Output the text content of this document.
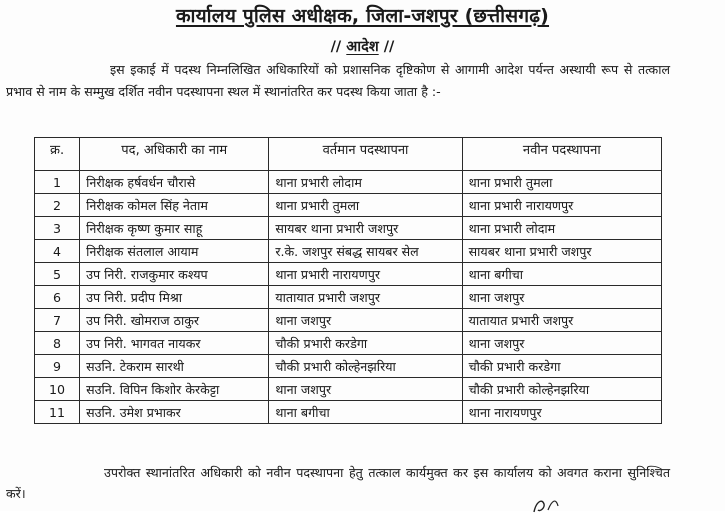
कार्यालय पुलिस अधीक्षक, जिला-जशपुर (छत्तीसगढ़)
// आदेश //
इस इकाई में पदस्थ निम्नलिखित अधिकारियों को प्रशासनिक दृष्टिकोण से आगामी आदेश पर्यन्त अस्थायी रूप से तत्काल प्रभाव से नाम के सम्मुख दर्शित नवीन पदस्थापना स्थल में स्थानांतरित कर पदस्थ किया जाता है :-
क्र.	पद, अधिकारी का नाम	वर्तमान पदस्थापना	नवीन पदस्थापना
1	निरीक्षक हर्षवर्धन चौरासे	थाना प्रभारी लोदाम	थाना प्रभारी तुमला
2	निरीक्षक कोमल सिंह नेताम	थाना प्रभारी तुमला	थाना प्रभारी नारायणपुर
3	निरीक्षक कृष्ण कुमार साहू	सायबर थाना प्रभारी जशपुर	थाना प्रभारी लोदाम
4	निरीक्षक संतलाल आयाम	र.के. जशपुर संबद्ध सायबर सेल	सायबर थाना प्रभारी जशपुर
5	उप निरी. राजकुमार कश्यप	थाना प्रभारी नारायणपुर	थाना बगीचा
6	उप निरी. प्रदीप मिश्रा	यातायात प्रभारी जशपुर	थाना जशपुर
7	उप निरी. खोमराज ठाकुर	थाना जशपुर	यातायात प्रभारी जशपुर
8	उप निरी. भागवत नायकर	चौकी प्रभारी करडेगा	थाना जशपुर
9	सउनि. टेकराम सारथी	चौकी प्रभारी कोल्हेनझरिया	चौकी प्रभारी करडेगा
10	सउनि. विपिन किशोर केरकेट्टा	थाना जशपुर	चौकी प्रभारी कोल्हेनझरिया
11	सउनि. उमेश प्रभाकर	थाना बगीचा	थाना नारायणपुर
उपरोक्त स्थानांतरित अधिकारी को नवीन पदस्थापना हेतु तत्काल कार्यमुक्त कर इस कार्यालय को अवगत कराना सुनिश्चित करें।
